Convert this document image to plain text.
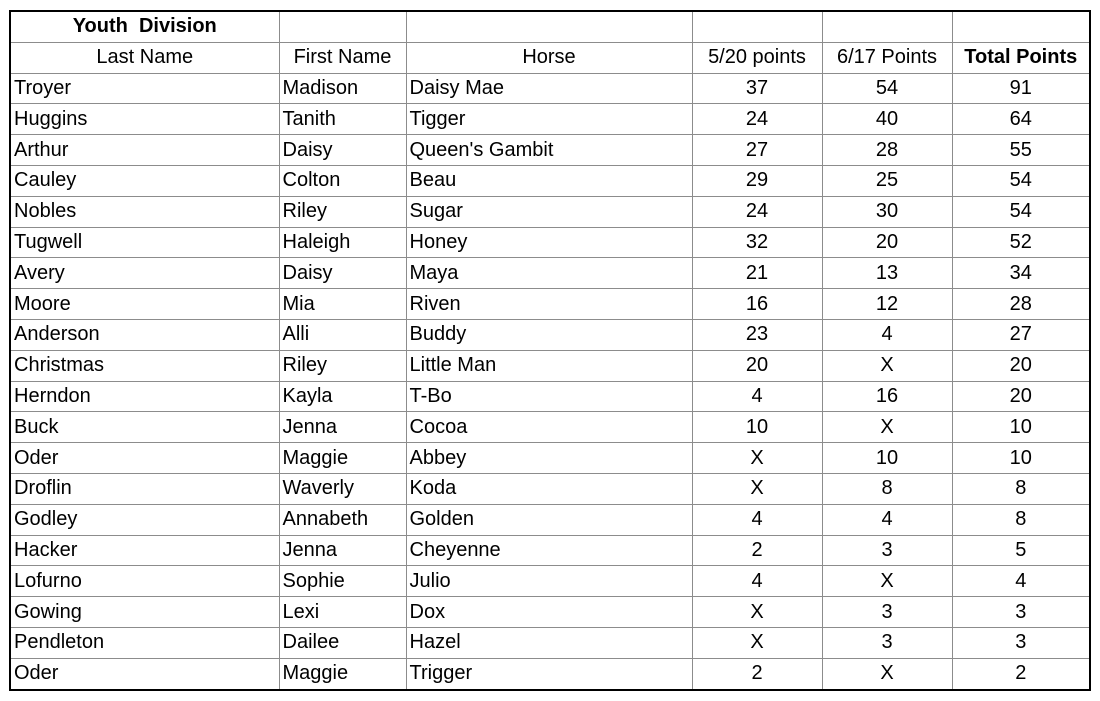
Youth  Division					
Last Name	First Name	Horse	5/20 points	6/17 Points	Total Points
Troyer	Madison	Daisy Mae	37	54	91
Huggins	Tanith	Tigger	24	40	64
Arthur	Daisy	Queen's Gambit	27	28	55
Cauley	Colton	Beau	29	25	54
Nobles	Riley	Sugar	24	30	54
Tugwell	Haleigh	Honey	32	20	52
Avery	Daisy	Maya	21	13	34
Moore	Mia	Riven	16	12	28
Anderson	Alli	Buddy	23	4	27
Christmas	Riley	Little Man	20	X	20
Herndon	Kayla	T-Bo	4	16	20
Buck	Jenna	Cocoa	10	X	10
Oder	Maggie	Abbey	X	10	10
Droflin	Waverly	Koda	X	8	8
Godley	Annabeth	Golden	4	4	8
Hacker	Jenna	Cheyenne	2	3	5
Lofurno	Sophie	Julio	4	X	4
Gowing	Lexi	Dox	X	3	3
Pendleton	Dailee	Hazel	X	3	3
Oder	Maggie	Trigger	2	X	2
